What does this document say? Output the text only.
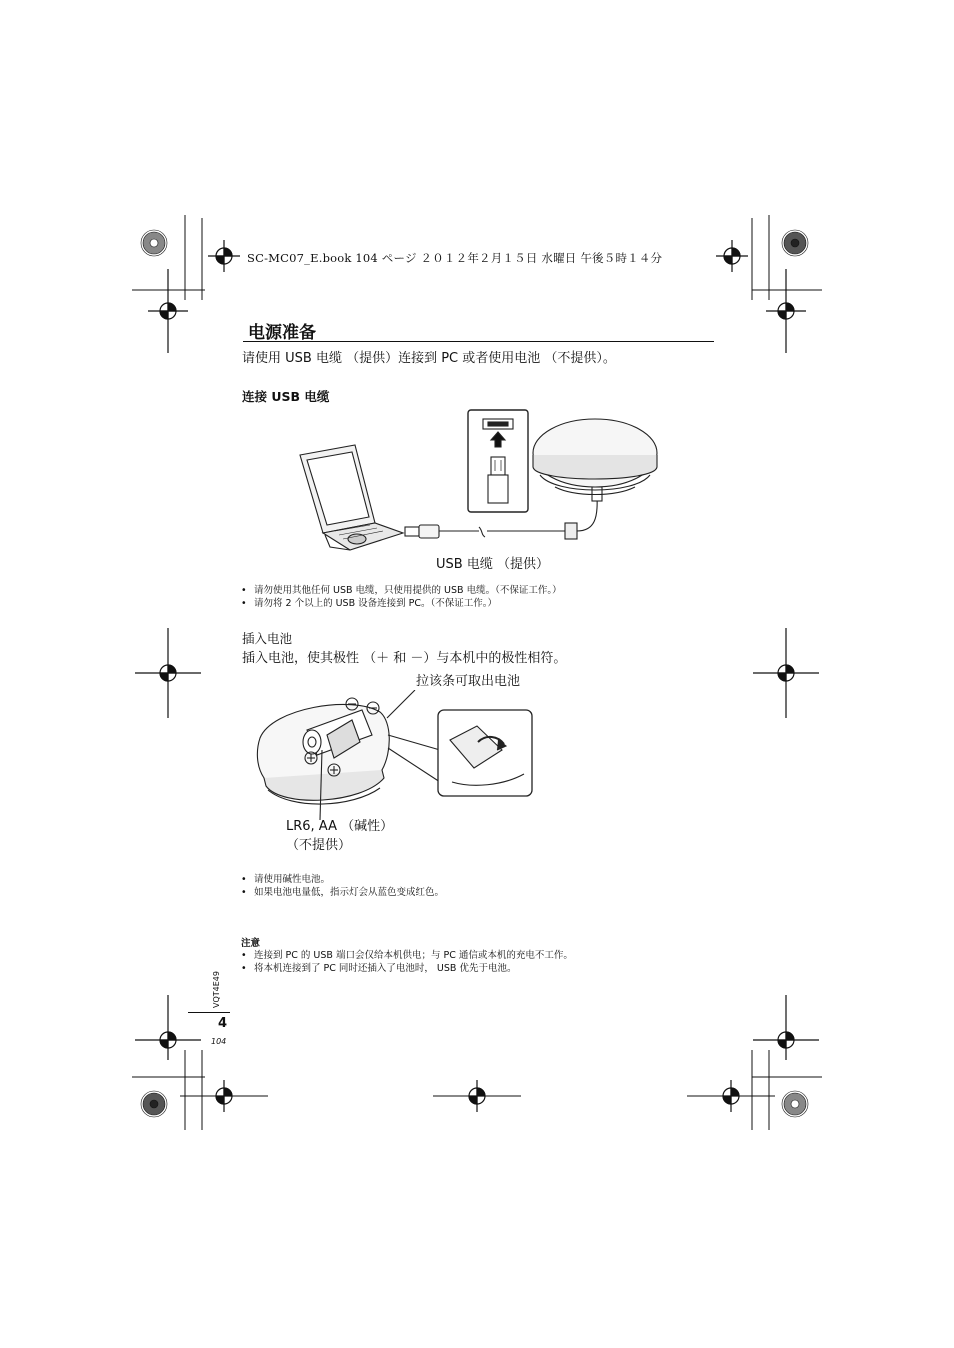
SC-MC07_E.book 104 ページ ２０１２年２月１５日 水曜日 午後５時１４分
电源准备
请使用 USB 电缆 （提供）连接到 PC 或者使用电池 （不提供）。
连接 USB 电缆
USB 电缆 （提供）
• 请勿使用其他任何 USB 电缆，只使用提供的 USB 电缆。（不保证工作。）
• 请勿将 2 个以上的 USB 设备连接到 PC。（不保证工作。）
插入电池
插入电池，使其极性 （＋ 和 －）与本机中的极性相符。
拉该条可取出电池
LR6, AA （碱性）
（不提供）
• 请使用碱性电池。
• 如果电池电量低，指示灯会从蓝色变成红色。
注意
• 连接到 PC 的 USB 端口会仅给本机供电；与 PC 通信或本机的充电不工作。
• 将本机连接到了 PC 同时还插入了电池时， USB 优先于电池。
VQT4E49
4
104
